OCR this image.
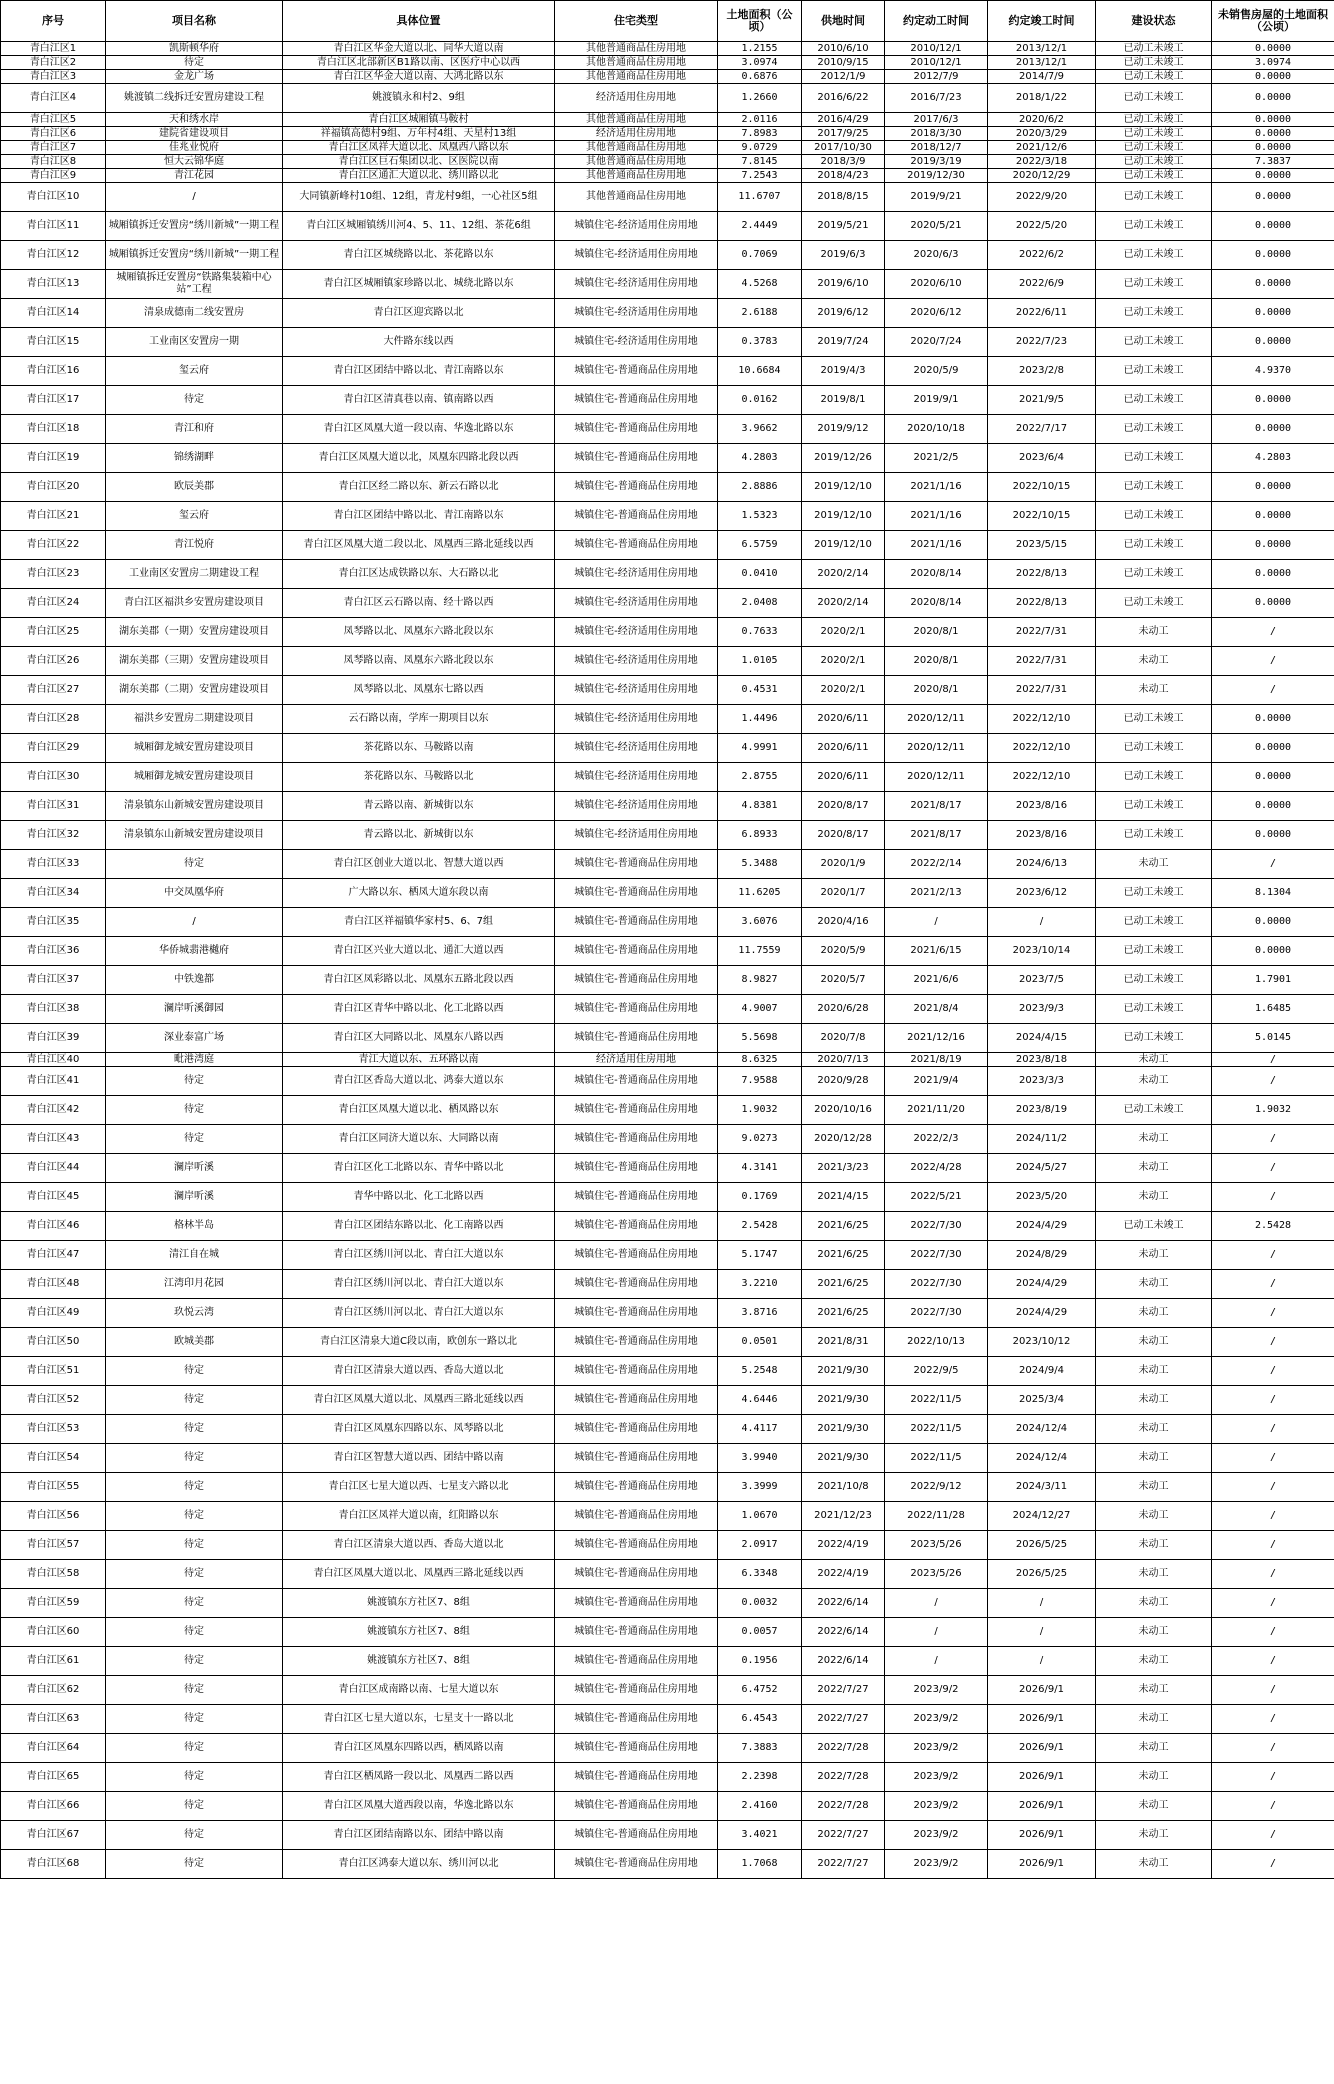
序号	项目名称	具体位置	住宅类型	土地面积（公顷）	供地时间	约定动工时间	约定竣工时间	建设状态	未销售房屋的土地面积（公顷）
青白江区1	凯斯顿华府	青白江区华金大道以北、同华大道以南	其他普通商品住房用地	1.2155	2010/6/10	2010/12/1	2013/12/1	已动工未竣工	0.0000
青白江区2	待定	青白江区北部新区B1路以南、区医疗中心以西	其他普通商品住房用地	3.0974	2010/9/15	2010/12/1	2013/12/1	已动工未竣工	3.0974
青白江区3	金龙广场	青白江区华金大道以南、大鸿北路以东	其他普通商品住房用地	0.6876	2012/1/9	2012/7/9	2014/7/9	已动工未竣工	0.0000
青白江区4	姚渡镇二线拆迁安置房建设工程	姚渡镇永和村2、9组	经济适用住房用地	1.2660	2016/6/22	2016/7/23	2018/1/22	已动工未竣工	0.0000
青白江区5	天和绣水岸	青白江区城厢镇马鞍村	其他普通商品住房用地	2.0116	2016/4/29	2017/6/3	2020/6/2	已动工未竣工	0.0000
青白江区6	建院省建设项目	祥福镇高德村9组、万年村4组、天星村13组	经济适用住房用地	7.8983	2017/9/25	2018/3/30	2020/3/29	已动工未竣工	0.0000
青白江区7	佳兆业悦府	青白江区凤祥大道以北、凤凰西八路以东	其他普通商品住房用地	9.0729	2017/10/30	2018/12/7	2021/12/6	已动工未竣工	0.0000
青白江区8	恒大云锦华庭	青白江区巨石集团以北、区医院以南	其他普通商品住房用地	7.8145	2018/3/9	2019/3/19	2022/3/18	已动工未竣工	7.3837
青白江区9	青江花园	青白江区通汇大道以北、绣川路以北	其他普通商品住房用地	7.2543	2018/4/23	2019/12/30	2020/12/29	已动工未竣工	0.0000
青白江区10	/	大同镇新峰村10组、12组，青龙村9组，一心社区5组	其他普通商品住房用地	11.6707	2018/8/15	2019/9/21	2022/9/20	已动工未竣工	0.0000
青白江区11	城厢镇拆迁安置房“绣川新城”一期工程	青白江区城厢镇绣川河4、5、11、12组、茶花6组	城镇住宅-经济适用住房用地	2.4449	2019/5/21	2020/5/21	2022/5/20	已动工未竣工	0.0000
青白江区12	城厢镇拆迁安置房“绣川新城”一期工程	青白江区城绕路以北、茶花路以东	城镇住宅-经济适用住房用地	0.7069	2019/6/3	2020/6/3	2022/6/2	已动工未竣工	0.0000
青白江区13	城厢镇拆迁安置房“铁路集装箱中心站”工程	青白江区城厢镇家珍路以北、城绕北路以东	城镇住宅-经济适用住房用地	4.5268	2019/6/10	2020/6/10	2022/6/9	已动工未竣工	0.0000
青白江区14	清泉成德南二线安置房	青白江区迎宾路以北	城镇住宅-经济适用住房用地	2.6188	2019/6/12	2020/6/12	2022/6/11	已动工未竣工	0.0000
青白江区15	工业南区安置房一期	大件路东线以西	城镇住宅-经济适用住房用地	0.3783	2019/7/24	2020/7/24	2022/7/23	已动工未竣工	0.0000
青白江区16	玺云府	青白江区团结中路以北、青江南路以东	城镇住宅-普通商品住房用地	10.6684	2019/4/3	2020/5/9	2023/2/8	已动工未竣工	4.9370
青白江区17	待定	青白江区清真巷以南、镇南路以西	城镇住宅-普通商品住房用地	0.0162	2019/8/1	2019/9/1	2021/9/5	已动工未竣工	0.0000
青白江区18	青江和府	青白江区凤凰大道一段以南、华逸北路以东	城镇住宅-普通商品住房用地	3.9662	2019/9/12	2020/10/18	2022/7/17	已动工未竣工	0.0000
青白江区19	锦绣湖畔	青白江区凤凰大道以北，凤凰东四路北段以西	城镇住宅-普通商品住房用地	4.2803	2019/12/26	2021/2/5	2023/6/4	已动工未竣工	4.2803
青白江区20	欧辰美郡	青白江区经二路以东、新云石路以北	城镇住宅-普通商品住房用地	2.8886	2019/12/10	2021/1/16	2022/10/15	已动工未竣工	0.0000
青白江区21	玺云府	青白江区团结中路以北、青江南路以东	城镇住宅-普通商品住房用地	1.5323	2019/12/10	2021/1/16	2022/10/15	已动工未竣工	0.0000
青白江区22	青江悦府	青白江区凤凰大道二段以北、凤凰西三路北延线以西	城镇住宅-普通商品住房用地	6.5759	2019/12/10	2021/1/16	2023/5/15	已动工未竣工	0.0000
青白江区23	工业南区安置房二期建设工程	青白江区达成铁路以东、大石路以北	城镇住宅-经济适用住房用地	0.0410	2020/2/14	2020/8/14	2022/8/13	已动工未竣工	0.0000
青白江区24	青白江区福洪乡安置房建设项目	青白江区云石路以南、经十路以西	城镇住宅-经济适用住房用地	2.0408	2020/2/14	2020/8/14	2022/8/13	已动工未竣工	0.0000
青白江区25	湖东美郡（一期）安置房建设项目	凤琴路以北、凤凰东六路北段以东	城镇住宅-经济适用住房用地	0.7633	2020/2/1	2020/8/1	2022/7/31	未动工	/
青白江区26	湖东美郡（三期）安置房建设项目	凤琴路以南、凤凰东六路北段以东	城镇住宅-经济适用住房用地	1.0105	2020/2/1	2020/8/1	2022/7/31	未动工	/
青白江区27	湖东美郡（二期）安置房建设项目	凤琴路以北、凤凰东七路以西	城镇住宅-经济适用住房用地	0.4531	2020/2/1	2020/8/1	2022/7/31	未动工	/
青白江区28	福洪乡安置房二期建设项目	云石路以南，学库一期项目以东	城镇住宅-经济适用住房用地	1.4496	2020/6/11	2020/12/11	2022/12/10	已动工未竣工	0.0000
青白江区29	城厢御龙城安置房建设项目	茶花路以东、马鞍路以南	城镇住宅-经济适用住房用地	4.9991	2020/6/11	2020/12/11	2022/12/10	已动工未竣工	0.0000
青白江区30	城厢御龙城安置房建设项目	茶花路以东、马鞍路以北	城镇住宅-经济适用住房用地	2.8755	2020/6/11	2020/12/11	2022/12/10	已动工未竣工	0.0000
青白江区31	清泉镇东山新城安置房建设项目	青云路以南、新城街以东	城镇住宅-经济适用住房用地	4.8381	2020/8/17	2021/8/17	2023/8/16	已动工未竣工	0.0000
青白江区32	清泉镇东山新城安置房建设项目	青云路以北、新城街以东	城镇住宅-经济适用住房用地	6.8933	2020/8/17	2021/8/17	2023/8/16	已动工未竣工	0.0000
青白江区33	待定	青白江区创业大道以北、智慧大道以西	城镇住宅-普通商品住房用地	5.3488	2020/1/9	2022/2/14	2024/6/13	未动工	/
青白江区34	中交凤凰华府	广大路以东、栖凤大道东段以南	城镇住宅-普通商品住房用地	11.6205	2020/1/7	2021/2/13	2023/6/12	已动工未竣工	8.1304
青白江区35	/	青白江区祥福镇华家村5、6、7组	城镇住宅-普通商品住房用地	3.6076	2020/4/16	/	/	已动工未竣工	0.0000
青白江区36	华侨城翡港樾府	青白江区兴业大道以北、通汇大道以西	城镇住宅-普通商品住房用地	11.7559	2020/5/9	2021/6/15	2023/10/14	已动工未竣工	0.0000
青白江区37	中铁逸都	青白江区凤彩路以北、凤凰东五路北段以西	城镇住宅-普通商品住房用地	8.9827	2020/5/7	2021/6/6	2023/7/5	已动工未竣工	1.7901
青白江区38	澜岸听溪御园	青白江区青华中路以北、化工北路以西	城镇住宅-普通商品住房用地	4.9007	2020/6/28	2021/8/4	2023/9/3	已动工未竣工	1.6485
青白江区39	深业泰富广场	青白江区大同路以北、凤凰东八路以西	城镇住宅-普通商品住房用地	5.5698	2020/7/8	2021/12/16	2024/4/15	已动工未竣工	5.0145
青白江区40	毗港湾庭	青江大道以东、五环路以南	经济适用住房用地	8.6325	2020/7/13	2021/8/19	2023/8/18	未动工	/
青白江区41	待定	青白江区香岛大道以北、鸿泰大道以东	城镇住宅-普通商品住房用地	7.9588	2020/9/28	2021/9/4	2023/3/3	未动工	/
青白江区42	待定	青白江区凤凰大道以北、栖凤路以东	城镇住宅-普通商品住房用地	1.9032	2020/10/16	2021/11/20	2023/8/19	已动工未竣工	1.9032
青白江区43	待定	青白江区同济大道以东、大同路以南	城镇住宅-普通商品住房用地	9.0273	2020/12/28	2022/2/3	2024/11/2	未动工	/
青白江区44	澜岸听溪	青白江区化工北路以东、青华中路以北	城镇住宅-普通商品住房用地	4.3141	2021/3/23	2022/4/28	2024/5/27	未动工	/
青白江区45	澜岸听溪	青华中路以北、化工北路以西	城镇住宅-普通商品住房用地	0.1769	2021/4/15	2022/5/21	2023/5/20	未动工	/
青白江区46	格林半岛	青白江区团结东路以北、化工南路以西	城镇住宅-普通商品住房用地	2.5428	2021/6/25	2022/7/30	2024/4/29	已动工未竣工	2.5428
青白江区47	清江自在城	青白江区绣川河以北、青白江大道以东	城镇住宅-普通商品住房用地	5.1747	2021/6/25	2022/7/30	2024/8/29	未动工	/
青白江区48	江湾印月花园	青白江区绣川河以北、青白江大道以东	城镇住宅-普通商品住房用地	3.2210	2021/6/25	2022/7/30	2024/4/29	未动工	/
青白江区49	玖悦云湾	青白江区绣川河以北、青白江大道以东	城镇住宅-普通商品住房用地	3.8716	2021/6/25	2022/7/30	2024/4/29	未动工	/
青白江区50	欧城美郡	青白江区清泉大道C段以南，欧创东一路以北	城镇住宅-普通商品住房用地	0.0501	2021/8/31	2022/10/13	2023/10/12	未动工	/
青白江区51	待定	青白江区清泉大道以西、香岛大道以北	城镇住宅-普通商品住房用地	5.2548	2021/9/30	2022/9/5	2024/9/4	未动工	/
青白江区52	待定	青白江区凤凰大道以北、凤凰西三路北延线以西	城镇住宅-普通商品住房用地	4.6446	2021/9/30	2022/11/5	2025/3/4	未动工	/
青白江区53	待定	青白江区凤凰东四路以东、凤琴路以北	城镇住宅-普通商品住房用地	4.4117	2021/9/30	2022/11/5	2024/12/4	未动工	/
青白江区54	待定	青白江区智慧大道以西、团结中路以南	城镇住宅-普通商品住房用地	3.9940	2021/9/30	2022/11/5	2024/12/4	未动工	/
青白江区55	待定	青白江区七星大道以西、七星支六路以北	城镇住宅-普通商品住房用地	3.3999	2021/10/8	2022/9/12	2024/3/11	未动工	/
青白江区56	待定	青白江区凤祥大道以南，红阳路以东	城镇住宅-普通商品住房用地	1.0670	2021/12/23	2022/11/28	2024/12/27	未动工	/
青白江区57	待定	青白江区清泉大道以西、香岛大道以北	城镇住宅-普通商品住房用地	2.0917	2022/4/19	2023/5/26	2026/5/25	未动工	/
青白江区58	待定	青白江区凤凰大道以北、凤凰西三路北延线以西	城镇住宅-普通商品住房用地	6.3348	2022/4/19	2023/5/26	2026/5/25	未动工	/
青白江区59	待定	姚渡镇东方社区7、8组	城镇住宅-普通商品住房用地	0.0032	2022/6/14	/	/	未动工	/
青白江区60	待定	姚渡镇东方社区7、8组	城镇住宅-普通商品住房用地	0.0057	2022/6/14	/	/	未动工	/
青白江区61	待定	姚渡镇东方社区7、8组	城镇住宅-普通商品住房用地	0.1956	2022/6/14	/	/	未动工	/
青白江区62	待定	青白江区成南路以南、七星大道以东	城镇住宅-普通商品住房用地	6.4752	2022/7/27	2023/9/2	2026/9/1	未动工	/
青白江区63	待定	青白江区七星大道以东，七星支十一路以北	城镇住宅-普通商品住房用地	6.4543	2022/7/27	2023/9/2	2026/9/1	未动工	/
青白江区64	待定	青白江区凤凰东四路以西，栖凤路以南	城镇住宅-普通商品住房用地	7.3883	2022/7/28	2023/9/2	2026/9/1	未动工	/
青白江区65	待定	青白江区栖凤路一段以北、凤凰西二路以西	城镇住宅-普通商品住房用地	2.2398	2022/7/28	2023/9/2	2026/9/1	未动工	/
青白江区66	待定	青白江区凤凰大道西段以南，华逸北路以东	城镇住宅-普通商品住房用地	2.4160	2022/7/28	2023/9/2	2026/9/1	未动工	/
青白江区67	待定	青白江区团结南路以东、团结中路以南	城镇住宅-普通商品住房用地	3.4021	2022/7/27	2023/9/2	2026/9/1	未动工	/
青白江区68	待定	青白江区鸿泰大道以东、绣川河以北	城镇住宅-普通商品住房用地	1.7068	2022/7/27	2023/9/2	2026/9/1	未动工	/
